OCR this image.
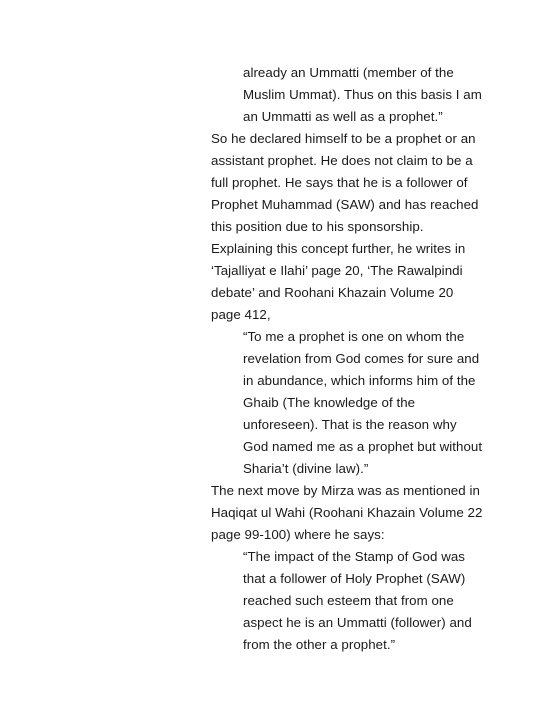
already an Ummatti (member of the
Muslim Ummat). Thus on this basis I am
an Ummatti as well as a prophet.”
So he declared himself to be a prophet or an
assistant prophet. He does not claim to be a
full prophet. He says that he is a follower of
Prophet Muhammad (SAW) and has reached
this position due to his sponsorship.
Explaining this concept further, he writes in
‘Tajalliyat e Ilahi’ page 20, ‘The Rawalpindi
debate’ and Roohani Khazain Volume 20
page 412,
“To me a prophet is one on whom the
revelation from God comes for sure and
in abundance, which informs him of the
Ghaib (The knowledge of the
unforeseen). That is the reason why
God named me as a prophet but without
Sharia’t (divine law).”
The next move by Mirza was as mentioned in
Haqiqat ul Wahi (Roohani Khazain Volume 22
page 99-100) where he says:
“The impact of the Stamp of God was
that a follower of Holy Prophet (SAW)
reached such esteem that from one
aspect he is an Ummatti (follower) and
from the other a prophet.”
